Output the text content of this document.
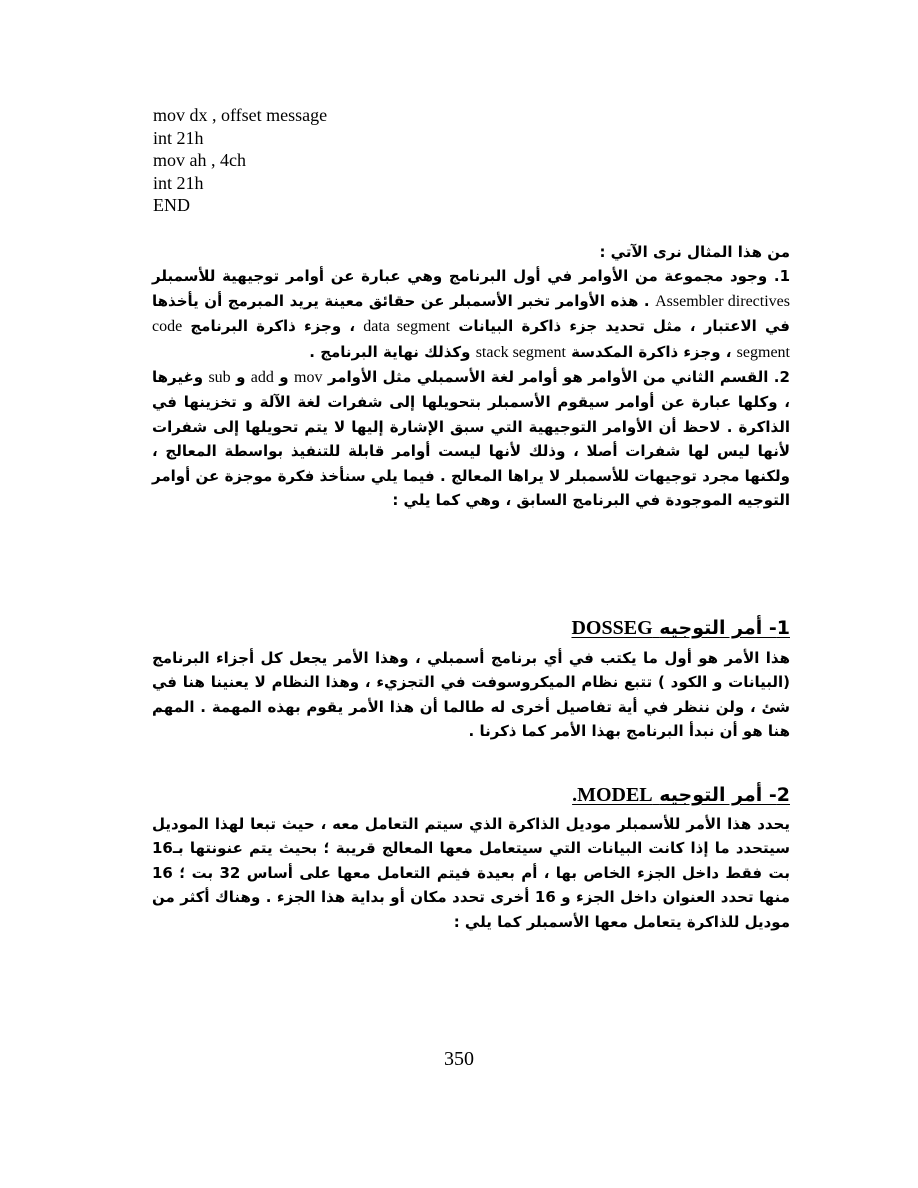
mov dx , offset message
int 21h
mov ah , 4ch
int 21h
END

من هذا المثال نرى الآتي :

1. وجود مجموعة من الأوامر في أول البرنامج وهي عبارة عن أوامر توجيهية للأسمبلر Assembler directives . هذه الأوامر تخبر الأسمبلر عن حقائق معينة يريد المبرمج أن يأخذها في الاعتبار ، مثل تحديد جزء ذاكرة البيانات data segment ، وجزء ذاكرة البرنامج code segment ، وجزء ذاكرة المكدسة stack segment وكذلك نهاية البرنامج .

2. القسم الثاني من الأوامر هو أوامر لغة الأسمبلي مثل الأوامر mov و add و sub وغيرها ، وكلها عبارة عن أوامر سيقوم الأسمبلر بتحويلها إلى شفرات لغة الآلة و تخزينها في الذاكرة . لاحظ أن الأوامر التوجيهية التي سبق الإشارة إليها لا يتم تحويلها إلى شفرات لأنها ليس لها شفرات أصلا ، وذلك لأنها ليست أوامر قابلة للتنفيذ بواسطة المعالج ، ولكنها مجرد توجيهات للأسمبلر لا يراها المعالج . فيما يلي سنأخذ فكرة موجزة عن أوامر التوجيه الموجودة في البرنامج السابق ، وهي كما يلي :

1- أمر التوجيه DOSSEG

هذا الأمر هو أول ما يكتب في أي برنامج أسمبلي ، وهذا الأمر يجعل كل أجزاء البرنامج (البيانات و الكود ) تتبع نظام الميكروسوفت في التجزيء ، وهذا النظام لا يعنينا هنا في شئ ، ولن ننظر في أية تفاصيل أخرى له طالما أن هذا الأمر يقوم بهذه المهمة . المهم هنا هو أن نبدأ البرنامج بهذا الأمر كما ذكرنا .

2- أمر التوجيه .MODEL

يحدد هذا الأمر للأسمبلر موديل الذاكرة الذي سيتم التعامل معه ، حيث تبعا لهذا الموديل سيتحدد ما إذا كانت البيانات التي سيتعامل معها المعالج قريبة ؛ بحيث يتم عنونتها بـ16 بت فقط داخل الجزء الخاص بها ، أم بعيدة فيتم التعامل معها على أساس 32 بت ؛ 16 منها تحدد العنوان داخل الجزء و 16 أخرى تحدد مكان أو بداية هذا الجزء . وهناك أكثر من موديل للذاكرة يتعامل معها الأسمبلر كما يلي :

350
